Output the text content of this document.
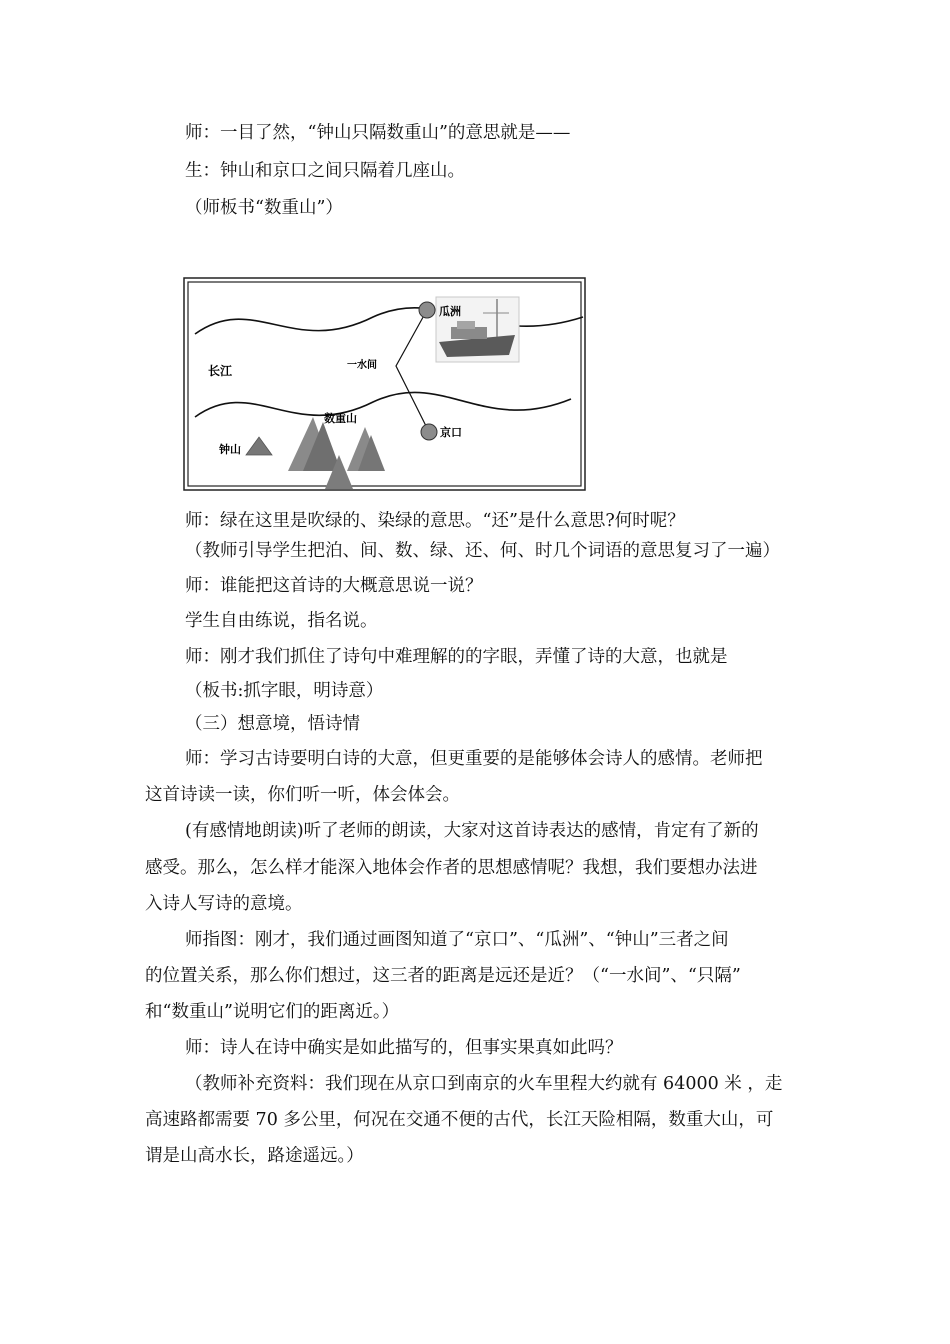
师：一目了然，“钟山只隔数重山”的意思就是——
生：钟山和京口之间只隔着几座山。
（师板书“数重山”）
瓜洲
一水间
长江
数重山
京口
钟山
师：绿在这里是吹绿的、染绿的意思。“还”是什么意思?何时呢？
（教师引导学生把泊、间、数、绿、还、何、时几个词语的意思复习了一遍）
师：谁能把这首诗的大概意思说一说？
学生自由练说，指名说。
师：刚才我们抓住了诗句中难理解的的字眼，弄懂了诗的大意，也就是
（板书:抓字眼，明诗意）
（三）想意境，悟诗情
师：学习古诗要明白诗的大意，但更重要的是能够体会诗人的感情。老师把
这首诗读一读，你们听一听，体会体会。
(有感情地朗读)听了老师的朗读，大家对这首诗表达的感情，肯定有了新的
感受。那么，怎么样才能深入地体会作者的思想感情呢？我想，我们要想办法进
入诗人写诗的意境。
师指图：刚才，我们通过画图知道了“京口”、“瓜洲”、“钟山”三者之间
的位置关系，那么你们想过，这三者的距离是远还是近？（“一水间”、“只隔”
和“数重山”说明它们的距离近。）
师：诗人在诗中确实是如此描写的，但事实果真如此吗？
（教师补充资料：我们现在从京口到南京的火车里程大约就有 64000 米 ，走
高速路都需要 70 多公里，何况在交通不便的古代，长江天险相隔，数重大山，可
谓是山高水长，路途遥远。）
